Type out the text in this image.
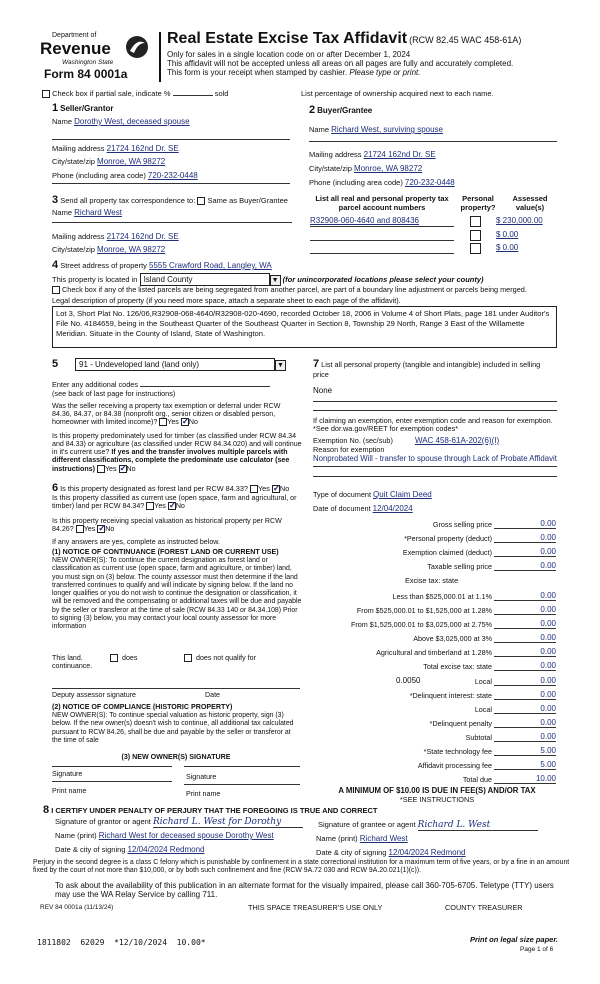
Department of
Revenue
Washington State
Form 84 0001a
Real Estate Excise Tax Affidavit (RCW 82.45 WAC 458-61A)
Only for sales in a single location code on or after December 1, 2024
This affidavit will not be accepted unless all areas on all pages are fully and accurately completed.
This form is your receipt when stamped by cashier. Please type or print.
Check box if partial sale, indicate %	sold	List percentage of ownership acquired next to each name.
1 Seller/Grantor
Name Dorothy West, deceased spouse
Mailing address 21724 162nd Dr. SE
City/state/zip Monroe, WA 98272
Phone (including area code) 720-232-0448
2 Buyer/Grantee
Name Richard West, surviving spouse
Mailing address 21724 162nd Dr. SE
City/state/zip Monroe, WA 98272
Phone (including area code) 720-232-0448
3 Send all property tax correspondence to: Same as Buyer/Grantee
Name Richard West
Mailing address 21724 162nd Dr. SE
City/state/zip Monroe, WA 98272
List all real and personal property tax parcel account numbers
Personal property?
Assessed value(s)
R32908-060-4640 and 808436	$ 230,000.00
$ 0.00
$ 0.00
4 Street address of property 5555 Crawford Road, Langley, WA
This property is located in Island County	▼ (for unincorporated locations please select your county)
Check box if any of the listed parcels are being segregated from another parcel, are part of a boundary line adjustment or parcels being merged.
Legal description of property (if you need more space, attach a separate sheet to each page of the affidavit).
Lot 3, Short Plat No. 126/06,R32908-068-4640/R32908-020-4690, recorded October 18, 2006 in Volume 4 of Short Plats, page 181 under Auditor's File No. 4184659, being in the Southeast Quarter of the Southeast Quarter in Section 8, Township 29 North, Range 3 East of the Willamette Meridian. Situate in the County of Island, State of Washington.
5	91 - Undeveloped land (land only)	▼
Enter any additional codes
(see back of last page for instructions)
Was the seller receiving a property tax exemption or deferral under RCW 84.36, 84.37, or 84.38 (nonprofit org., senior citizen or disabled person, homeowner with limited income)? Yes ✓ No
Is this property predominately used for timber (as classified under RCW 84.34 and 84.33) or agriculture (as classified under RCW 84.34.020) and will continue in it's current use? If yes and the transfer involves multiple parcels with different classifications, complete the predominate use calculator (see instructions) Yes ✓ No
6 Is this property designated as forest land per RCW 84.33? Yes ✓ No
Is this property classified as current use (open space, farm and agricultural, or timber) land per RCW 84.34? Yes ✓ No
Is this property receiving special valuation as historical property per RCW 84.26? Yes ✓ No
If any answers are yes, complete as instructed below.
(1) NOTICE OF CONTINUANCE (FOREST LAND OR CURRENT USE)
NEW OWNER(S): To continue the current designation as forest land or classification as current use (open space, farm and agriculture, or timber) land, you must sign on (3) below. The county assessor must then determine if the land transferred continues to qualify and will indicate by signing below. If the land no longer qualifies or you do not wish to continue the designation or classification, it will be removed and the compensating or additional taxes will be due and payable by the seller or transferor at the time of sale (RCW 84.33 140 or 84.34.108) Prior to signing (3) below, you may contact your local county assessor for more information
This land.
continuance.
does	does not qualify for
Deputy assessor signature	Date
(2) NOTICE OF COMPLIANCE (HISTORIC PROPERTY)
NEW OWNER(S): To continue special valuation as historic property, sign (3) below. If the new owner(s) doesn't wish to continue, all additional tax calculated pursuant to RCW 84.26, shall be due and payable by the seller or transferor at the time of sale
(3) NEW OWNER(S) SIGNATURE
Signature	Signature
Print name	Print name
7 List all personal property (tangible and intangible) included in selling price
None
If claiming an exemption, enter exemption code and reason for exemption. *See dor.wa.gov/REET for exemption codes*
Exemption No. (sec/sub)	WAC 458-61A-202(6)(I)
Reason for exemption
Nonprobated Will - transfer to spouse through Lack of Probate Affidavit
Type of document Quit Claim Deed
Date of document 12/04/2024
Gross selling price	0.00
*Personal property (deduct)	0.00
Exemption claimed (deduct)	0.00
Taxable selling price	0.00
Excise tax: state
Less than $525,000.01 at 1.1%	0.00
From $525,000.01 to $1,525,000 at 1.28%	0.00
From $1,525,000.01 to $3,025,000 at 2.75%	0.00
Above $3,025,000 at 3%	0.00
Agricultural and timberland at 1.28%	0.00
Total excise tax: state	0.00
0.0050	Local	0.00
*Delinquent interest: state	0.00
Local	0.00
*Delinquent penalty	0.00
Subtotal	0.00
*State technology fee	5.00
Affidavit processing fee	5.00
Total due	10.00
A MINIMUM OF $10.00 IS DUE IN FEE(S) AND/OR TAX
*SEE INSTRUCTIONS
8 I CERTIFY UNDER PENALTY OF PERJURY THAT THE FOREGOING IS TRUE AND CORRECT
Signature of grantor or agent Richard L. West for Dorothy
Name (print) Richard West for deceased spouse Dorothy West
Date & city of signing 12/04/2024 Redmond
Signature of grantee or agent Richard L. West
Name (print) Richard West
Date & city of signing 12/04/2024 Redmond
Perjury in the second degree is a class C felony which is punishable by confinement in a state correctional institution for a maximum term of five years, or by a fine in an amount fixed by the court of not more than $10,000, or by both such confinement and fine (RCW 9A.72 030 and RCW 9A.20.021(1)(c)).
To ask about the availability of this publication in an alternate format for the visually impaired, please call 360-705-6705. Teletype (TTY) users may use the WA Relay Service by calling 711.
REV 84 0001a (11/13/24)	THIS SPACE TREASURER'S USE ONLY	COUNTY TREASURER
1811802  62029  *12/10/2024  10.00*	Print on legal size paper.
Page 1 of 6
